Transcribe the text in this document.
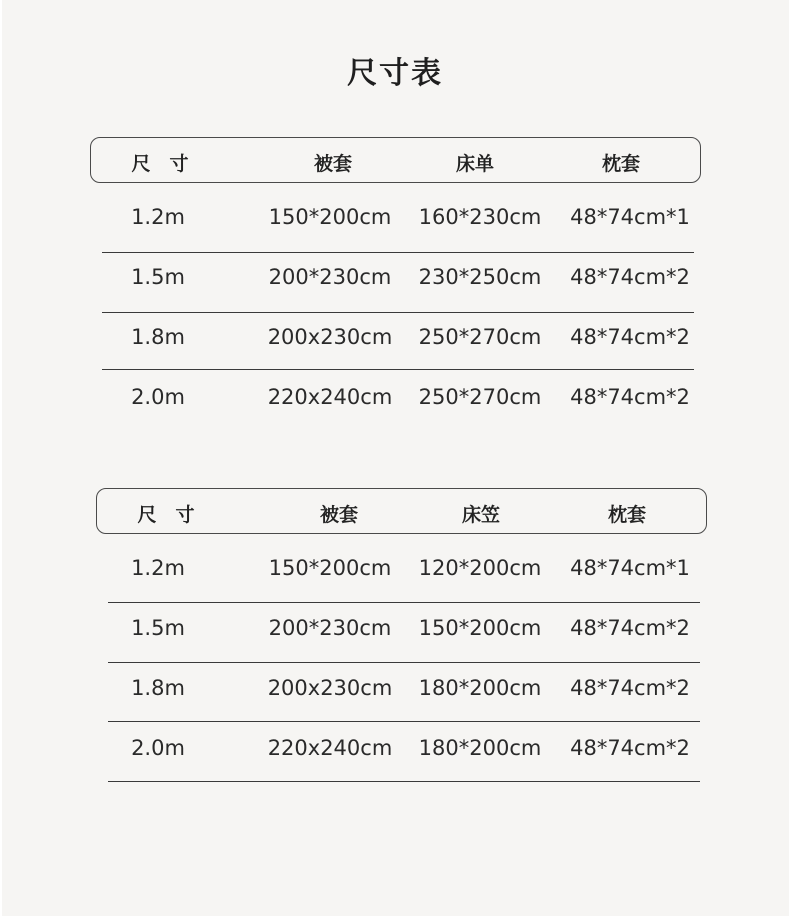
尺寸表
尺　寸	被套	床单	枕套
1.2m	150*200cm	160*230cm	48*74cm*1
1.5m	200*230cm	230*250cm	48*74cm*2
1.8m	200x230cm	250*270cm	48*74cm*2
2.0m	220x240cm	250*270cm	48*74cm*2
尺　寸	被套	床笠	枕套
1.2m	150*200cm	120*200cm	48*74cm*1
1.5m	200*230cm	150*200cm	48*74cm*2
1.8m	200x230cm	180*200cm	48*74cm*2
2.0m	220x240cm	180*200cm	48*74cm*2
